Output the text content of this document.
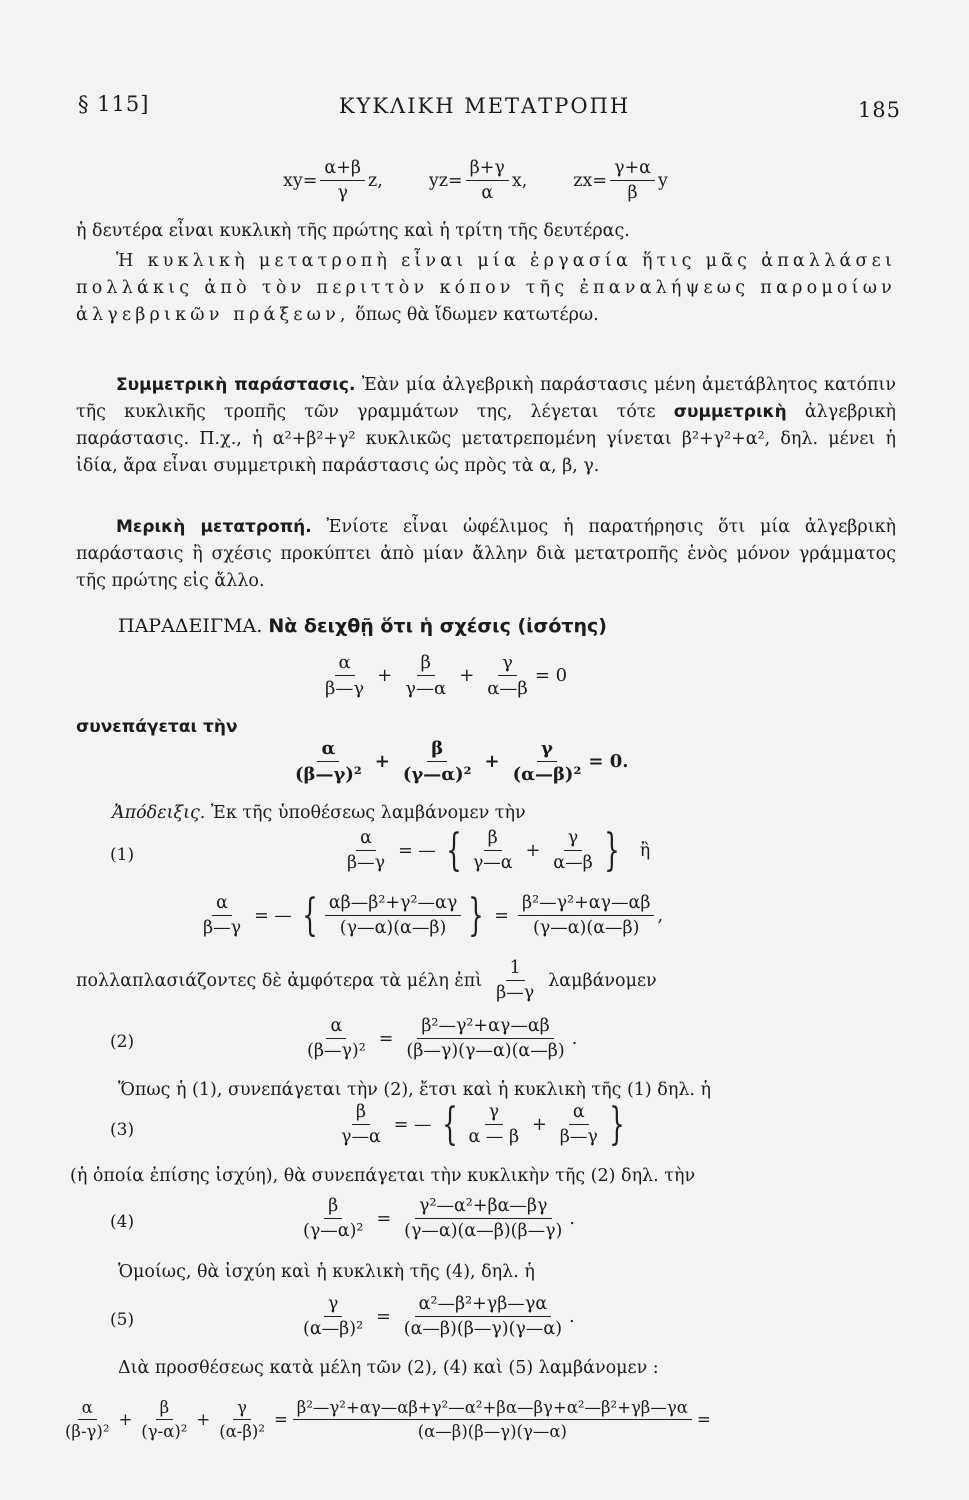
§ 115]	ΚΥΚΛΙΚΗ ΜΕΤΑΤΡΟΠΗ	185
$xy= \frac{\alpha+\beta}{\gamma} z$,	$yz= \frac{\beta+\gamma}{\alpha} x$,	$zx= \frac{\gamma+\alpha}{\beta}$ y
ἡ δευτέρα εἶναι κυκλικὴ τῆς πρώτης καὶ ἡ τρίτη τῆς δευτέρας.
Ἡ κυκλικὴ μετατροπὴ εἶναι μία ἐργασία ἥτις μᾶς ἀπαλλάσει πολλάκις ἀπὸ τὸν περιττὸν κόπον τῆς ἐπαναλήψεως παρομοίων ἀλγεβρικῶν πράξεων, ὅπως θὰ ἴδωμεν κατωτέρω.
Συμμετρικὴ παράστασις. Ἐὰν μία ἀλγεβρικὴ παράστασις μένη ἀμετάβλητος κατόπιν τῆς κυκλικῆς τροπῆς τῶν γραμμάτων της, λέγεται τότε συμμετρικὴ ἀλγεβρικὴ παράστασις. Π.χ., ἡ α²+β²+γ² κυκλικῶς μετατρεπομένη γίνεται β²+γ²+α², δηλ. μένει ἡ ἰδία, ἄρα εἶναι συμμετρικὴ παράστασις ὡς πρὸς τὰ α, β, γ.
Μερικὴ μετατροπή. Ἐνίοτε εἶναι ὠφέλιμος ἡ παρατήρησις ὅτι μία ἀλγεβρικὴ παράστασις ἢ σχέσις προκύπτει ἀπὸ μίαν ἄλλην διὰ μετατροπῆς ἑνὸς μόνον γράμματος τῆς πρώτης εἰς ἄλλο.
ΠΑΡΑΔΕΙΓΜΑ. Νὰ δειχθῇ ὅτι ἡ σχέσις (ἰσότης)
$\frac{\alpha}{\beta—\gamma} + \frac{\beta}{\gamma—\alpha} + \frac{\gamma}{\alpha—\beta} = 0$
συνεπάγεται τὴν
$\frac{\alpha}{\text{(β—γ)²}} + \frac{\beta}{\text{(γ—α)²}} + \frac{\gamma}{\text{(α—β)²}} = 0$.
Ἀπόδειξις. Ἐκ τῆς ὑποθέσεως λαμβάνομεν τὴν
(1)	$\frac{\alpha}{\beta—\gamma}$ = — { $\frac{\beta}{\gamma—\alpha} + \frac{\gamma}{\alpha—\beta}$ } ἢ
$\frac{\alpha}{\beta—\gamma}$ = — { $\frac{\text{αβ—β²+γ²—αγ}}{(\gamma—\alpha)(\alpha—\beta)}$ } = $\frac{\text{β²—γ²+αγ—αβ}}{(\gamma—\alpha)(\alpha—\beta)}$ ,
πολλαπλασιάζοντες δὲ ἀμφότερα τὰ μέλη ἐπὶ $\frac{1}{\beta—\gamma}$ λαμβάνομεν
(2)	$\frac{\alpha}{\text{(β—γ)²}} = \frac{\text{β²—γ²+αγ—αβ}}{(\beta—\gamma)(\gamma—\alpha)(\alpha—\beta)}$ .
Ὅπως ἡ (1), συνεπάγεται τὴν (2), ἔτσι καὶ ἡ κυκλικὴ τῆς (1) δηλ. ἡ
(3)	$\frac{\beta}{\gamma—\alpha}$ = — { $\frac{\gamma}{\alpha — \beta} + \frac{\alpha}{\beta—\gamma}$ }
(ἡ ὁποία ἐπίσης ἰσχύη), θὰ συνεπάγεται τὴν κυκλικὴν τῆς (2) δηλ. τὴν
(4)	$\frac{\beta}{\text{(γ—α)²}} = \frac{\text{γ²—α²+βα—βγ}}{(\gamma—\alpha)(\alpha—\beta)(\beta—\gamma)}$ .
Ὁμοίως, θὰ ἰσχύη καὶ ἡ κυκλικὴ τῆς (4), δηλ. ἡ
(5)	$\frac{\gamma}{\text{(α—β)²}} = \frac{\text{α²—β²+γβ—γα}}{(\alpha—\beta)(\beta—\gamma)(\gamma—\alpha)}$ .
Διὰ προσθέσεως κατὰ μέλη τῶν (2), (4) καὶ (5) λαμβάνομεν :
$\frac{\alpha}{\text{(β-γ)²}} + \frac{\beta}{\text{(γ-α)²}} + \frac{\gamma}{\text{(α-β)²}} = \frac{\text{β²—γ²+αγ—αβ+γ²—α²+βα—βγ+α²—β²+γβ—γα}}{(\alpha—\beta)(\beta—\gamma)(\gamma—\alpha)}$ =
